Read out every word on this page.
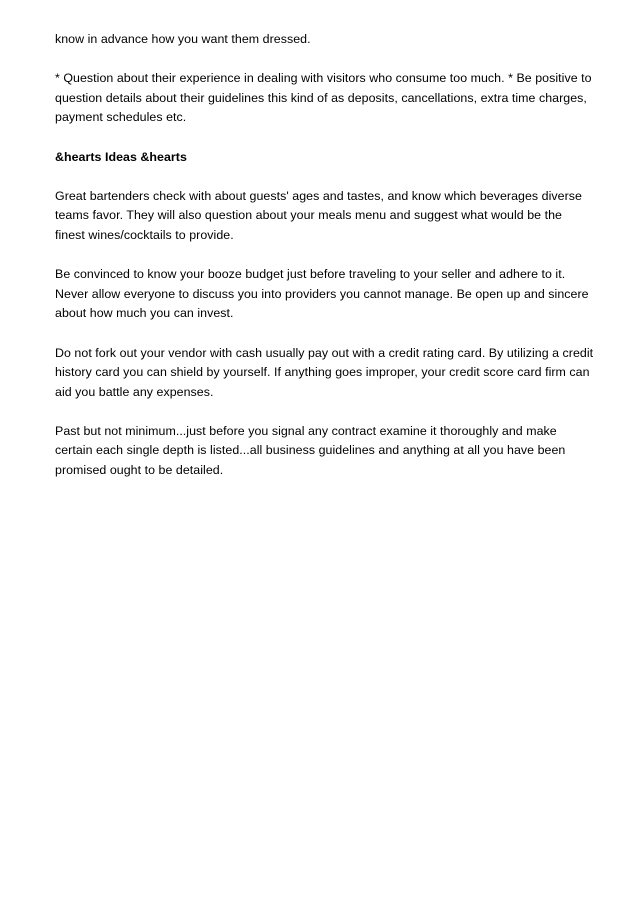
know in advance how you want them dressed.

* Question about their experience in dealing with visitors who consume too much. * Be positive to question details about their guidelines this kind of as deposits, cancellations, extra time charges, payment schedules etc.

&hearts Ideas &hearts

Great bartenders check with about guests' ages and tastes, and know which beverages diverse teams favor. They will also question about your meals menu and suggest what would be the finest wines/cocktails to provide.

Be convinced to know your booze budget just before traveling to your seller and adhere to it. Never allow everyone to discuss you into providers you cannot manage. Be open up and sincere about how much you can invest.

Do not fork out your vendor with cash usually pay out with a credit rating card. By utilizing a credit history card you can shield by yourself. If anything goes improper, your credit score card firm can aid you battle any expenses.

Past but not minimum...just before you signal any contract examine it thoroughly and make certain each single depth is listed...all business guidelines and anything at all you have been promised ought to be detailed.
